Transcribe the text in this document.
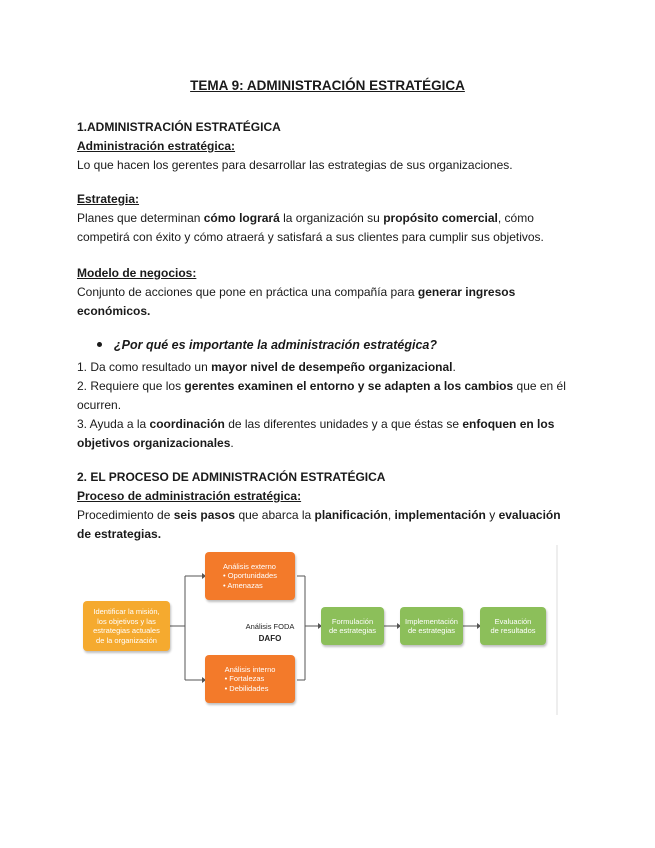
TEMA 9: ADMINISTRACIÓN ESTRATÉGICA
1.ADMINISTRACIÓN ESTRATÉGICA
Administración estratégica:
Lo que hacen los gerentes para desarrollar las estrategias de sus organizaciones.
Estrategia:
Planes que determinan cómo logrará la organización su propósito comercial, cómo competirá con éxito y cómo atraerá y satisfará a sus clientes para cumplir sus objetivos.
Modelo de negocios:
Conjunto de acciones que pone en práctica una compañía para generar ingresos económicos.
¿Por qué es importante la administración estratégica?
1. Da como resultado un mayor nivel de desempeño organizacional.
2. Requiere que los gerentes examinen el entorno y se adapten a los cambios que en él ocurren.
3. Ayuda a la coordinación de las diferentes unidades y a que éstas se enfoquen en los objetivos organizacionales.
2. EL PROCESO DE ADMINISTRACIÓN ESTRATÉGICA
Proceso de administración estratégica:
Procedimiento de seis pasos que abarca la planificación, implementación y evaluación de estrategias.
Identificar la misión,
los objetivos y las
estrategias actuales
de la organización
Análisis externo
• Oportunidades
• Amenazas
Análisis FODA
DAFO
Análisis interno
• Fortalezas
• Debilidades
Formulación
de estrategias
Implementación
de estrategias
Evaluación
de resultados
